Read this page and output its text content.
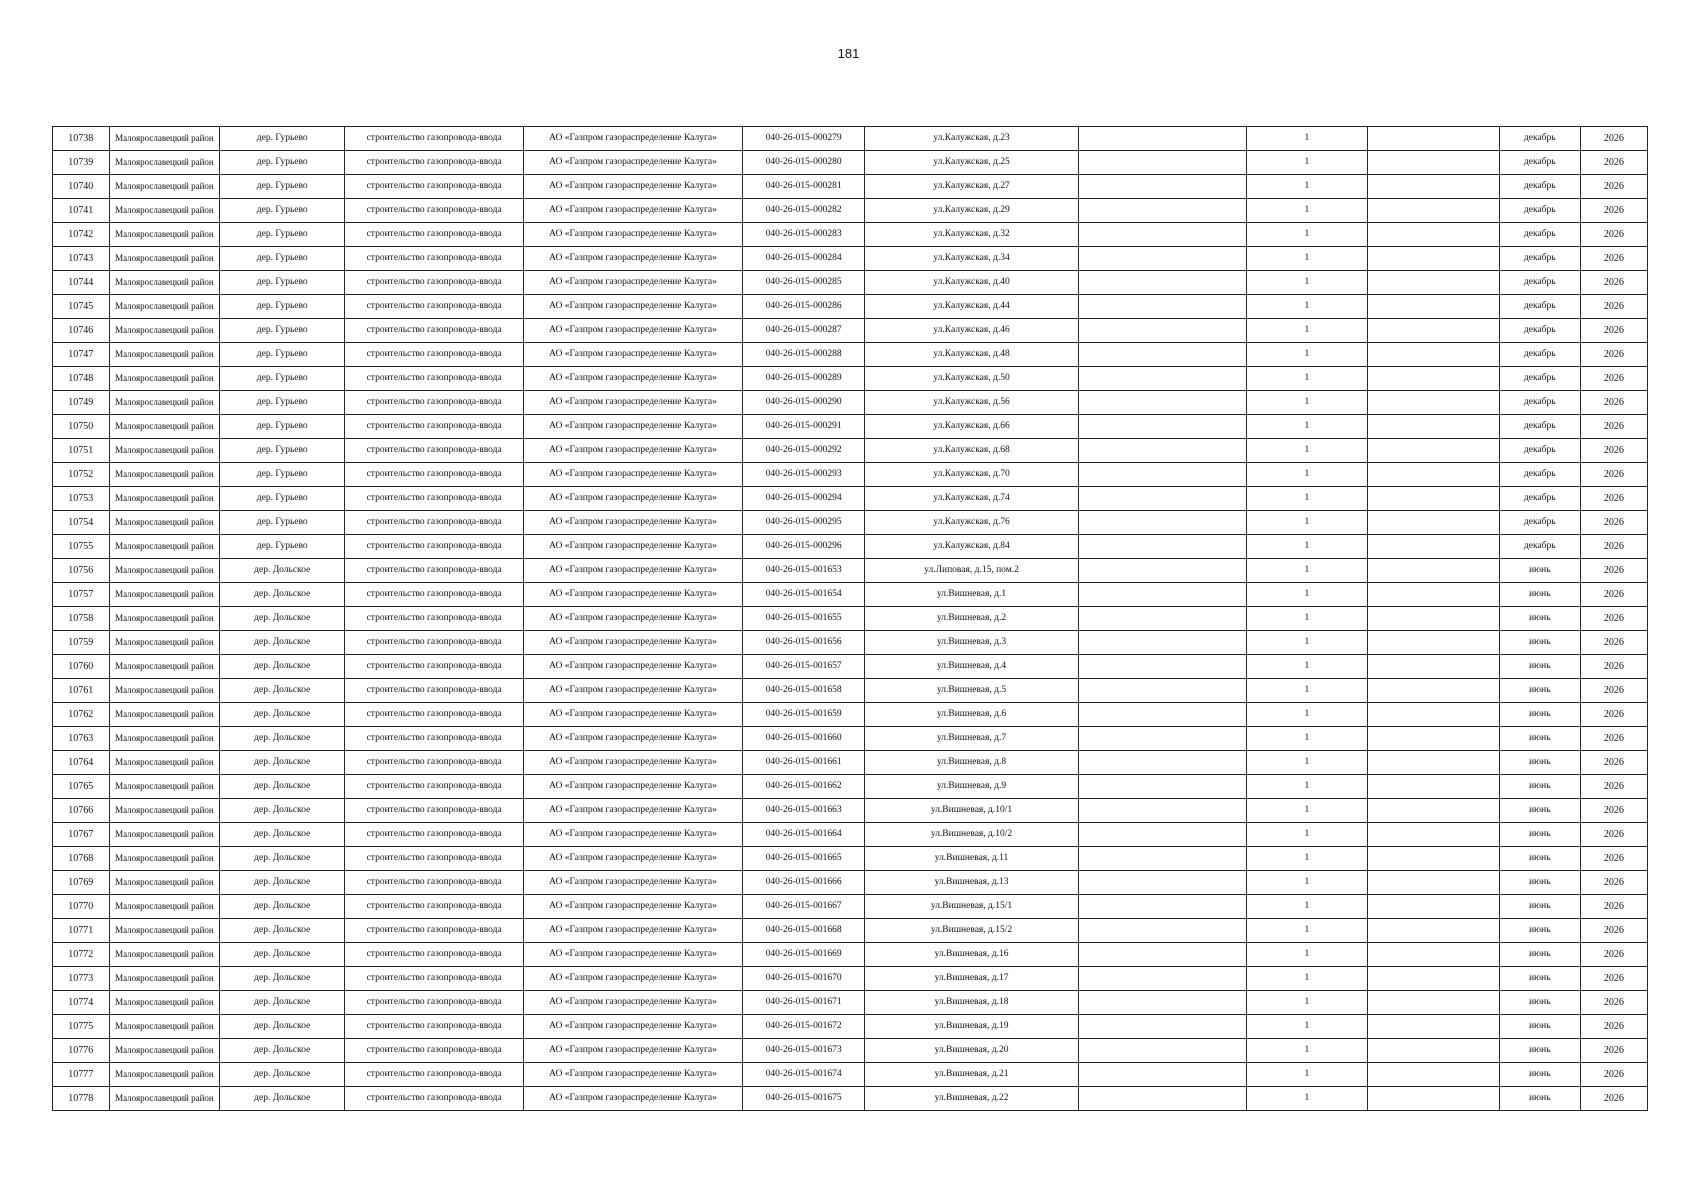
181
10738	Малоярославецкий район	дер. Гурьево	строительство газопровода-ввода	АО «Газпром газораспределение Калуга»	040-26-015-000279	ул.Калужская, д.23		1		декабрь	2026
10739	Малоярославецкий район	дер. Гурьево	строительство газопровода-ввода	АО «Газпром газораспределение Калуга»	040-26-015-000280	ул.Калужская, д.25		1		декабрь	2026
10740	Малоярославецкий район	дер. Гурьево	строительство газопровода-ввода	АО «Газпром газораспределение Калуга»	040-26-015-000281	ул.Калужская, д.27		1		декабрь	2026
10741	Малоярославецкий район	дер. Гурьево	строительство газопровода-ввода	АО «Газпром газораспределение Калуга»	040-26-015-000282	ул.Калужская, д.29		1		декабрь	2026
10742	Малоярославецкий район	дер. Гурьево	строительство газопровода-ввода	АО «Газпром газораспределение Калуга»	040-26-015-000283	ул.Калужская, д.32		1		декабрь	2026
10743	Малоярославецкий район	дер. Гурьево	строительство газопровода-ввода	АО «Газпром газораспределение Калуга»	040-26-015-000284	ул.Калужская, д.34		1		декабрь	2026
10744	Малоярославецкий район	дер. Гурьево	строительство газопровода-ввода	АО «Газпром газораспределение Калуга»	040-26-015-000285	ул.Калужская, д.40		1		декабрь	2026
10745	Малоярославецкий район	дер. Гурьево	строительство газопровода-ввода	АО «Газпром газораспределение Калуга»	040-26-015-000286	ул.Калужская, д.44		1		декабрь	2026
10746	Малоярославецкий район	дер. Гурьево	строительство газопровода-ввода	АО «Газпром газораспределение Калуга»	040-26-015-000287	ул.Калужская, д.46		1		декабрь	2026
10747	Малоярославецкий район	дер. Гурьево	строительство газопровода-ввода	АО «Газпром газораспределение Калуга»	040-26-015-000288	ул.Калужская, д.48		1		декабрь	2026
10748	Малоярославецкий район	дер. Гурьево	строительство газопровода-ввода	АО «Газпром газораспределение Калуга»	040-26-015-000289	ул.Калужская, д.50		1		декабрь	2026
10749	Малоярославецкий район	дер. Гурьево	строительство газопровода-ввода	АО «Газпром газораспределение Калуга»	040-26-015-000290	ул.Калужская, д.56		1		декабрь	2026
10750	Малоярославецкий район	дер. Гурьево	строительство газопровода-ввода	АО «Газпром газораспределение Калуга»	040-26-015-000291	ул.Калужская, д.66		1		декабрь	2026
10751	Малоярославецкий район	дер. Гурьево	строительство газопровода-ввода	АО «Газпром газораспределение Калуга»	040-26-015-000292	ул.Калужская, д.68		1		декабрь	2026
10752	Малоярославецкий район	дер. Гурьево	строительство газопровода-ввода	АО «Газпром газораспределение Калуга»	040-26-015-000293	ул.Калужская, д.70		1		декабрь	2026
10753	Малоярославецкий район	дер. Гурьево	строительство газопровода-ввода	АО «Газпром газораспределение Калуга»	040-26-015-000294	ул.Калужская, д.74		1		декабрь	2026
10754	Малоярославецкий район	дер. Гурьево	строительство газопровода-ввода	АО «Газпром газораспределение Калуга»	040-26-015-000295	ул.Калужская, д.76		1		декабрь	2026
10755	Малоярославецкий район	дер. Гурьево	строительство газопровода-ввода	АО «Газпром газораспределение Калуга»	040-26-015-000296	ул.Калужская, д.84		1		декабрь	2026
10756	Малоярославецкий район	дер. Дольское	строительство газопровода-ввода	АО «Газпром газораспределение Калуга»	040-26-015-001653	ул.Липовая, д.15, пом.2		1		июнь	2026
10757	Малоярославецкий район	дер. Дольское	строительство газопровода-ввода	АО «Газпром газораспределение Калуга»	040-26-015-001654	ул.Вишневая, д.1		1		июнь	2026
10758	Малоярославецкий район	дер. Дольское	строительство газопровода-ввода	АО «Газпром газораспределение Калуга»	040-26-015-001655	ул.Вишневая, д.2		1		июнь	2026
10759	Малоярославецкий район	дер. Дольское	строительство газопровода-ввода	АО «Газпром газораспределение Калуга»	040-26-015-001656	ул.Вишневая, д.3		1		июнь	2026
10760	Малоярославецкий район	дер. Дольское	строительство газопровода-ввода	АО «Газпром газораспределение Калуга»	040-26-015-001657	ул.Вишневая, д.4		1		июнь	2026
10761	Малоярославецкий район	дер. Дольское	строительство газопровода-ввода	АО «Газпром газораспределение Калуга»	040-26-015-001658	ул.Вишневая, д.5		1		июнь	2026
10762	Малоярославецкий район	дер. Дольское	строительство газопровода-ввода	АО «Газпром газораспределение Калуга»	040-26-015-001659	ул.Вишневая, д.6		1		июнь	2026
10763	Малоярославецкий район	дер. Дольское	строительство газопровода-ввода	АО «Газпром газораспределение Калуга»	040-26-015-001660	ул.Вишневая, д.7		1		июнь	2026
10764	Малоярославецкий район	дер. Дольское	строительство газопровода-ввода	АО «Газпром газораспределение Калуга»	040-26-015-001661	ул.Вишневая, д.8		1		июнь	2026
10765	Малоярославецкий район	дер. Дольское	строительство газопровода-ввода	АО «Газпром газораспределение Калуга»	040-26-015-001662	ул.Вишневая, д.9		1		июнь	2026
10766	Малоярославецкий район	дер. Дольское	строительство газопровода-ввода	АО «Газпром газораспределение Калуга»	040-26-015-001663	ул.Вишневая, д.10/1		1		июнь	2026
10767	Малоярославецкий район	дер. Дольское	строительство газопровода-ввода	АО «Газпром газораспределение Калуга»	040-26-015-001664	ул.Вишневая, д.10/2		1		июнь	2026
10768	Малоярославецкий район	дер. Дольское	строительство газопровода-ввода	АО «Газпром газораспределение Калуга»	040-26-015-001665	ул.Вишневая, д.11		1		июнь	2026
10769	Малоярославецкий район	дер. Дольское	строительство газопровода-ввода	АО «Газпром газораспределение Калуга»	040-26-015-001666	ул.Вишневая, д.13		1		июнь	2026
10770	Малоярославецкий район	дер. Дольское	строительство газопровода-ввода	АО «Газпром газораспределение Калуга»	040-26-015-001667	ул.Вишневая, д.15/1		1		июнь	2026
10771	Малоярославецкий район	дер. Дольское	строительство газопровода-ввода	АО «Газпром газораспределение Калуга»	040-26-015-001668	ул.Вишневая, д.15/2		1		июнь	2026
10772	Малоярославецкий район	дер. Дольское	строительство газопровода-ввода	АО «Газпром газораспределение Калуга»	040-26-015-001669	ул.Вишневая, д.16		1		июнь	2026
10773	Малоярославецкий район	дер. Дольское	строительство газопровода-ввода	АО «Газпром газораспределение Калуга»	040-26-015-001670	ул.Вишневая, д.17		1		июнь	2026
10774	Малоярославецкий район	дер. Дольское	строительство газопровода-ввода	АО «Газпром газораспределение Калуга»	040-26-015-001671	ул.Вишневая, д.18		1		июнь	2026
10775	Малоярославецкий район	дер. Дольское	строительство газопровода-ввода	АО «Газпром газораспределение Калуга»	040-26-015-001672	ул.Вишневая, д.19		1		июнь	2026
10776	Малоярославецкий район	дер. Дольское	строительство газопровода-ввода	АО «Газпром газораспределение Калуга»	040-26-015-001673	ул.Вишневая, д.20		1		июнь	2026
10777	Малоярославецкий район	дер. Дольское	строительство газопровода-ввода	АО «Газпром газораспределение Калуга»	040-26-015-001674	ул.Вишневая, д.21		1		июнь	2026
10778	Малоярославецкий район	дер. Дольское	строительство газопровода-ввода	АО «Газпром газораспределение Калуга»	040-26-015-001675	ул.Вишневая, д.22		1		июнь	2026
